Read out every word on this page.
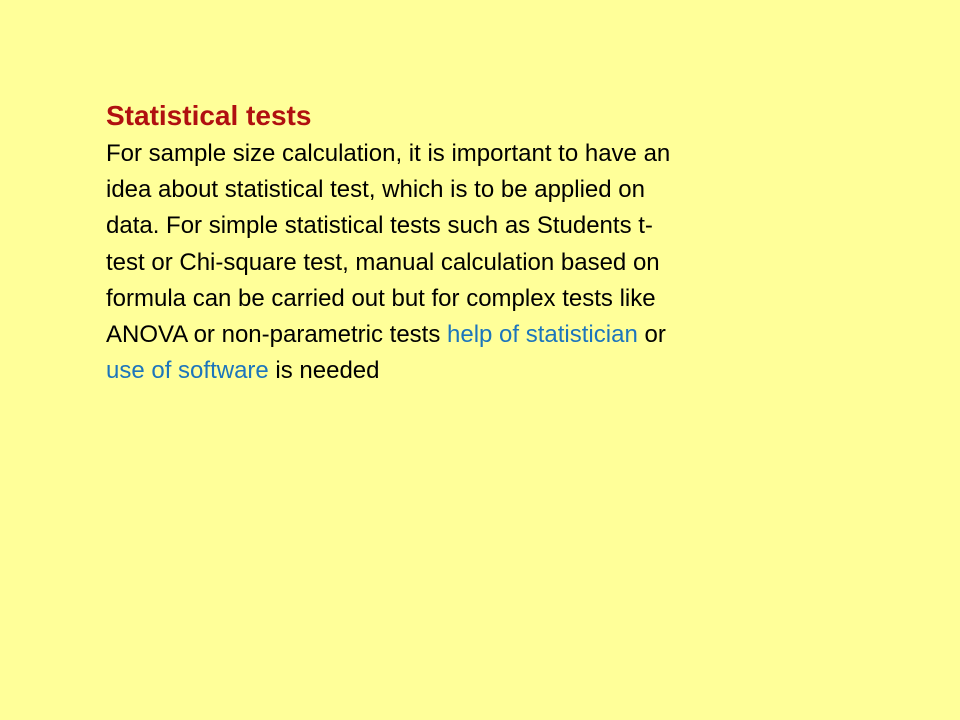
Statistical tests

For sample size calculation, it is important to have an
idea about statistical test, which is to be applied on
data. For simple statistical tests such as Students t-
test or Chi-square test, manual calculation based on
formula can be carried out but for complex tests like
ANOVA or non-parametric tests help of statistician or
use of software is needed
